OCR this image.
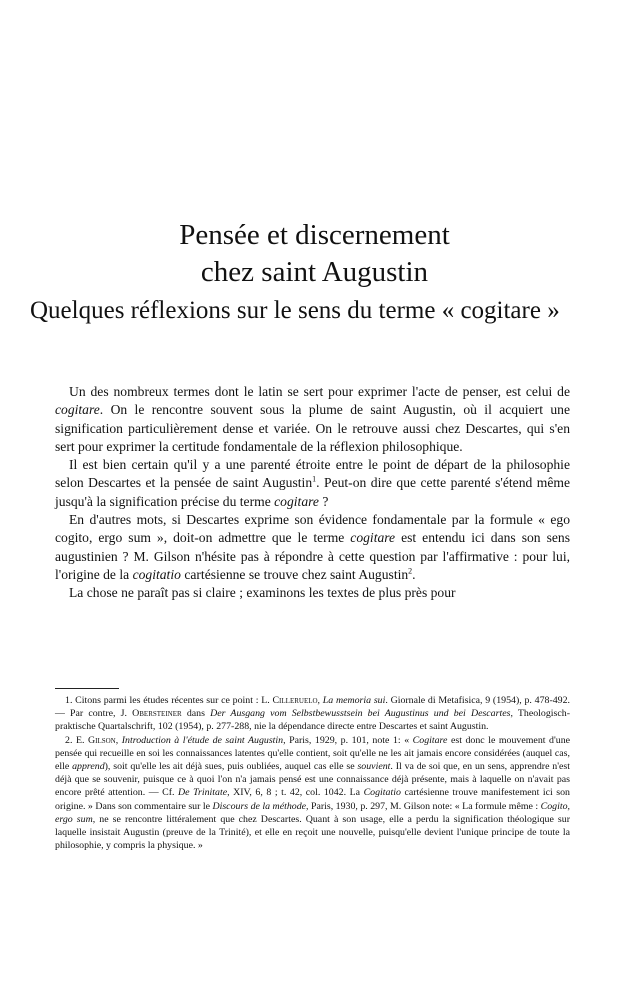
Pensée et discernement
chez saint Augustin
Quelques réflexions sur le sens du terme « cogitare »

Un des nombreux termes dont le latin se sert pour exprimer l'acte de penser, est celui de cogitare. On le rencontre souvent sous la plume de saint Augustin, où il acquiert une signification particulièrement dense et variée. On le retrouve aussi chez Descartes, qui s'en sert pour exprimer la certitude fondamentale de la réflexion philosophique.

Il est bien certain qu'il y a une parenté étroite entre le point de départ de la philosophie selon Descartes et la pensée de saint Augustin$^1$. Peut-on dire que cette parenté s'étend même jusqu'à la signification précise du terme cogitare ?

En d'autres mots, si Descartes exprime son évidence fondamentale par la formule « ego cogito, ergo sum », doit-on admettre que le terme cogitare est entendu ici dans son sens augustinien ? M. Gilson n'hésite pas à répondre à cette question par l'affirmative : pour lui, l'origine de la cogitatio cartésienne se trouve chez saint Augustin$^2$.

La chose ne paraît pas si claire ; examinons les textes de plus près pour

1. Citons parmi les études récentes sur ce point : L. Cilleruelo, La memoria sui. Giornale di Metafisica, 9 (1954), p. 478-492. — Par contre, J. Obersteiner dans Der Ausgang vom Selbstbewusstsein bei Augustinus und bei Descartes, Theologisch-praktische Quartalschrift, 102 (1954), p. 277-288, nie la dépendance directe entre Descartes et saint Augustin.

2. E. Gilson, Introduction à l'étude de saint Augustin, Paris, 1929, p. 101, note 1: « Cogitare est donc le mouvement d'une pensée qui recueille en soi les connaissances latentes qu'elle contient, soit qu'elle ne les ait jamais encore considérées (auquel cas, elle apprend), soit qu'elle les ait déjà sues, puis oubliées, auquel cas elle se souvient. Il va de soi que, en un sens, apprendre n'est déjà que se souvenir, puisque ce à quoi l'on n'a jamais pensé est une connaissance déjà présente, mais à laquelle on n'avait pas encore prêté attention. — Cf. De Trinitate, XIV, 6, 8 ; t. 42, col. 1042. La Cogitatio cartésienne trouve manifestement ici son origine. » Dans son commentaire sur le Discours de la méthode, Paris, 1930, p. 297, M. Gilson note: « La formule même : Cogito, ergo sum, ne se rencontre littéralement que chez Descartes. Quant à son usage, elle a perdu la signification théologique sur laquelle insistait Augustin (preuve de la Trinité), et elle en reçoit une nouvelle, puisqu'elle devient l'unique principe de toute la philosophie, y compris la physique. »
